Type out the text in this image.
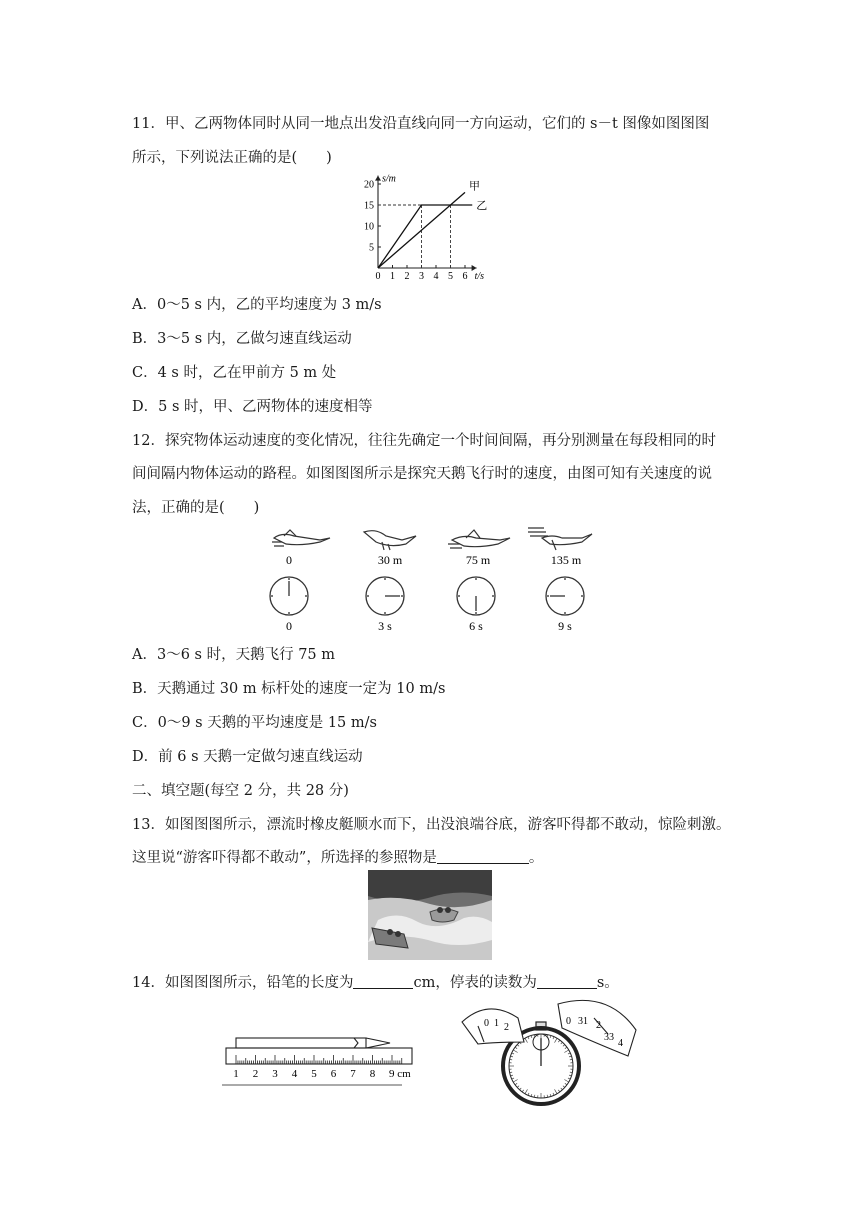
11．甲、乙两物体同时从同一地点出发沿直线向同一方向运动，它们的 s－t 图像如图图图
所示，下列说法正确的是(　　)
0 1 2 3 4 5 6
5
10
15
20
t/s
s/m
甲
乙
A．0～5 s 内，乙的平均速度为 3 m/s
B．3～5 s 内，乙做匀速直线运动
C．4 s 时，乙在甲前方 5 m 处
D．5 s 时，甲、乙两物体的速度相等
12．探究物体运动速度的变化情况，往往先确定一个时间间隔，再分别测量在每段相同的时
间间隔内物体运动的路程。如图图图所示是探究天鹅飞行时的速度，由图可知有关速度的说
法，正确的是(　　)
0	30 m	75 m	135 m
0	3 s	6 s	9 s
A．3～6 s 时，天鹅飞行 75 m
B．天鹅通过 30 m 标杆处的速度一定为 10 m/s
C．0～9 s 天鹅的平均速度是 15 m/s
D．前 6 s 天鹅一定做匀速直线运动
二、填空题(每空 2 分，共 28 分)
13．如图图图所示，漂流时橡皮艇顺水而下，出没浪端谷底，游客吓得都不敢动，惊险刺激。
这里说“游客吓得都不敢动”，所选择的参照物是	。
14．如图图图所示，铅笔的长度为	cm，停表的读数为	s。
1 2 3 4 5 6 7 8 9 cm
0 1 2
0 31 2
33
4
